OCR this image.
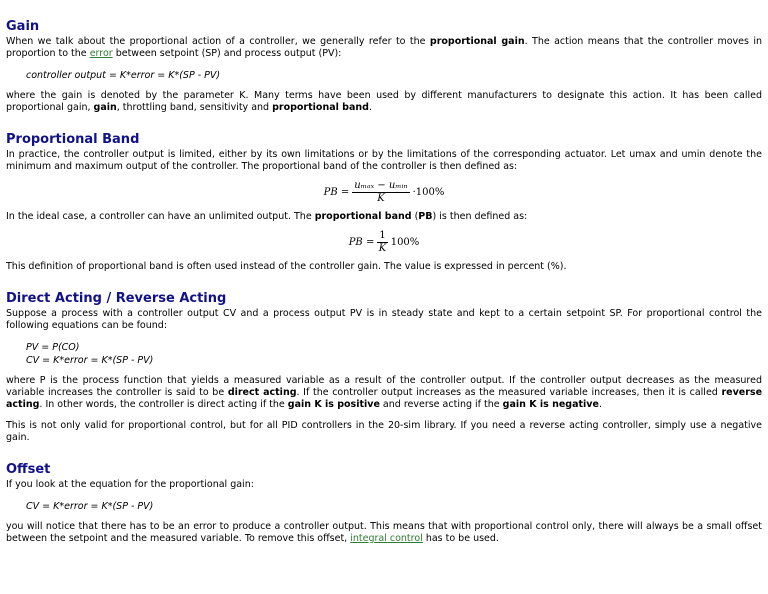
Gain

When we talk about the proportional action of a controller, we generally refer to the proportional gain. The action means that the controller moves in proportion to the error between setpoint (SP) and process output (PV):

controller output = K*error = K*(SP - PV)

where the gain is denoted by the parameter K. Many terms have been used by different manufacturers to designate this action. It has been called proportional gain, gain, throttling band, sensitivity and proportional band.

Proportional Band

In practice, the controller output is limited, either by its own limitations or by the limitations of the corresponding actuator. Let umax and umin denote the minimum and maximum output of the controller. The proportional band of the controller is then defined as:

PB = $\frac{\text{uₘₐₓ − uₘᵢₙ}}{K} \cdot 100\%$

In the ideal case, a controller can have an unlimited output. The proportional band (PB) is then defined as:

PB = $\frac{1}{K} 100\%$

This definition of proportional band is often used instead of the controller gain. The value is expressed in percent (%).

Direct Acting / Reverse Acting

Suppose a process with a controller output CV and a process output PV is in steady state and kept to a certain setpoint SP. For proportional control the following equations can be found:

PV = P(CO)
CV = K*error = K*(SP - PV)

where P is the process function that yields a measured variable as a result of the controller output. If the controller output decreases as the measured variable increases the controller is said to be direct acting. If the controller output increases as the measured variable increases, then it is called reverse acting. In other words, the controller is direct acting if the gain K is positive and reverse acting if the gain K is negative.

This is not only valid for proportional control, but for all PID controllers in the 20-sim library. If you need a reverse acting controller, simply use a negative gain.

Offset

If you look at the equation for the proportional gain:

CV = K*error = K*(SP - PV)

you will notice that there has to be an error to produce a controller output. This means that with proportional control only, there will always be a small offset between the setpoint and the measured variable. To remove this offset, integral control has to be used.
